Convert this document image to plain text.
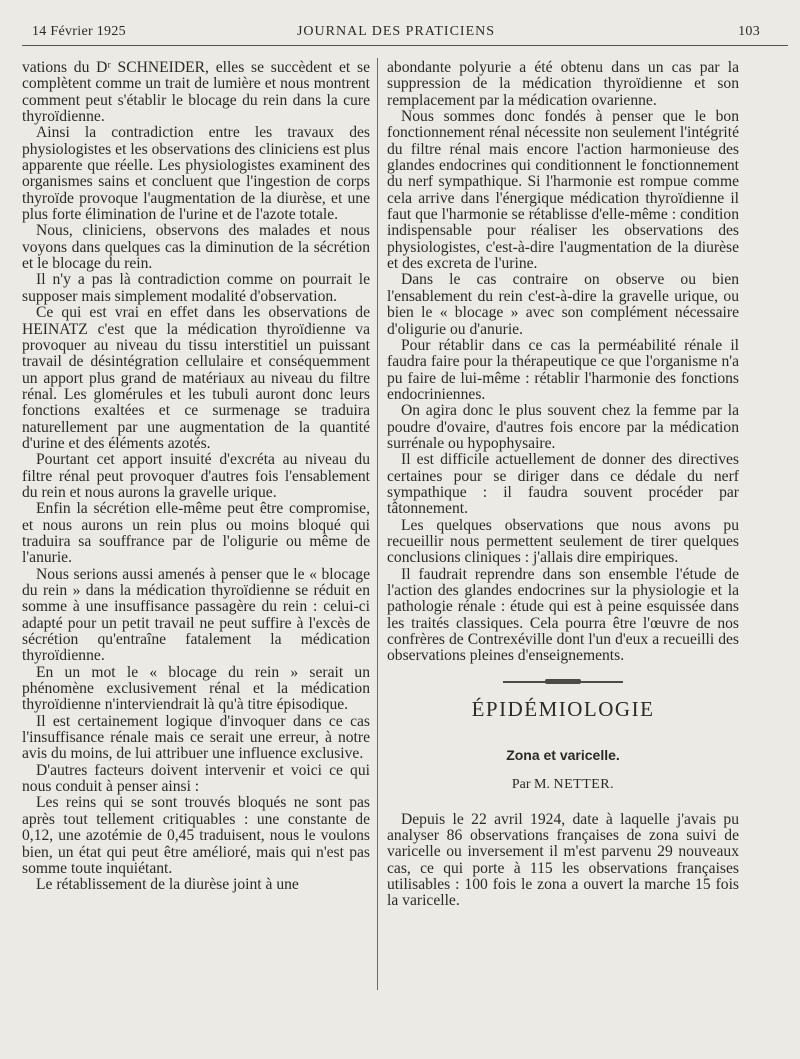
14 Février 1925	JOURNAL DES PRATICIENS	103

vations du Dʳ SCHNEIDER, elles se succèdent et se complètent comme un trait de lumière et nous montrent comment peut s'établir le blocage du rein dans la cure thyroïdienne.

Ainsi la contradiction entre les travaux des physiologistes et les observations des cliniciens est plus apparente que réelle. Les physiologistes examinent des organismes sains et concluent que l'ingestion de corps thyroïde provoque l'augmentation de la diurèse, et une plus forte élimination de l'urine et de l'azote totale.

Nous, cliniciens, observons des malades et nous voyons dans quelques cas la diminution de la sécrétion et le blocage du rein.

Il n'y a pas là contradiction comme on pourrait le supposer mais simplement modalité d'observation.

Ce qui est vrai en effet dans les observations de HEINATZ c'est que la médication thyroïdienne va provoquer au niveau du tissu interstitiel un puissant travail de désintégration cellulaire et conséquemment un apport plus grand de matériaux au niveau du filtre rénal. Les glomérules et les tubuli auront donc leurs fonctions exaltées et ce surmenage se traduira naturellement par une augmentation de la quantité d'urine et des éléments azotés.

Pourtant cet apport insuité d'excréta au niveau du filtre rénal peut provoquer d'autres fois l'ensablement du rein et nous aurons la gravelle urique.

Enfin la sécrétion elle-même peut être compromise, et nous aurons un rein plus ou moins bloqué qui traduira sa souffrance par de l'oligurie ou même de l'anurie.

Nous serions aussi amenés à penser que le « blocage du rein » dans la médication thyroïdienne se réduit en somme à une insuffisance passagère du rein : celui-ci adapté pour un petit travail ne peut suffire à l'excès de sécrétion qu'entraîne fatalement la médication thyroïdienne.

En un mot le « blocage du rein » serait un phénomène exclusivement rénal et la médication thyroïdienne n'interviendrait là qu'à titre épisodique.

Il est certainement logique d'invoquer dans ce cas l'insuffisance rénale mais ce serait une erreur, à notre avis du moins, de lui attribuer une influence exclusive.

D'autres facteurs doivent intervenir et voici ce qui nous conduit à penser ainsi :

Les reins qui se sont trouvés bloqués ne sont pas après tout tellement critiquables : une constante de 0,12, une azotémie de 0,45 traduisent, nous le voulons bien, un état qui peut être amélioré, mais qui n'est pas somme toute inquiétant.

Le rétablissement de la diurèse joint à une

abondante polyurie a été obtenu dans un cas par la suppression de la médication thyroïdienne et son remplacement par la médication ovarienne.

Nous sommes donc fondés à penser que le bon fonctionnement rénal nécessite non seulement l'intégrité du filtre rénal mais encore l'action harmonieuse des glandes endocrines qui conditionnent le fonctionnement du nerf sympathique. Si l'harmonie est rompue comme cela arrive dans l'énergique médication thyroïdienne il faut que l'harmonie se rétablisse d'elle-même : condition indispensable pour réaliser les observations des physiologistes, c'est-à-dire l'augmentation de la diurèse et des excreta de l'urine.

Dans le cas contraire on observe ou bien l'ensablement du rein c'est-à-dire la gravelle urique, ou bien le « blocage » avec son complément nécessaire d'oligurie ou d'anurie.

Pour rétablir dans ce cas la perméabilité rénale il faudra faire pour la thérapeutique ce que l'organisme n'a pu faire de lui-même : rétablir l'harmonie des fonctions endocriniennes.

On agira donc le plus souvent chez la femme par la poudre d'ovaire, d'autres fois encore par la médication surrénale ou hypophysaire.

Il est difficile actuellement de donner des directives certaines pour se diriger dans ce dédale du nerf sympathique : il faudra souvent procéder par tâtonnement.

Les quelques observations que nous avons pu recueillir nous permettent seulement de tirer quelques conclusions cliniques : j'allais dire empiriques.

Il faudrait reprendre dans son ensemble l'étude de l'action des glandes endocrines sur la physiologie et la pathologie rénale : étude qui est à peine esquissée dans les traités classiques. Cela pourra être l'œuvre de nos confrères de Contrexéville dont l'un d'eux a recueilli des observations pleines d'enseignements.

ÉPIDÉMIOLOGIE
Zona et varicelle.
Par M. NETTER.

Depuis le 22 avril 1924, date à laquelle j'avais pu analyser 86 observations françaises de zona suivi de varicelle ou inversement il m'est parvenu 29 nouveaux cas, ce qui porte à 115 les observations françaises utilisables : 100 fois le zona a ouvert la marche 15 fois la varicelle.
